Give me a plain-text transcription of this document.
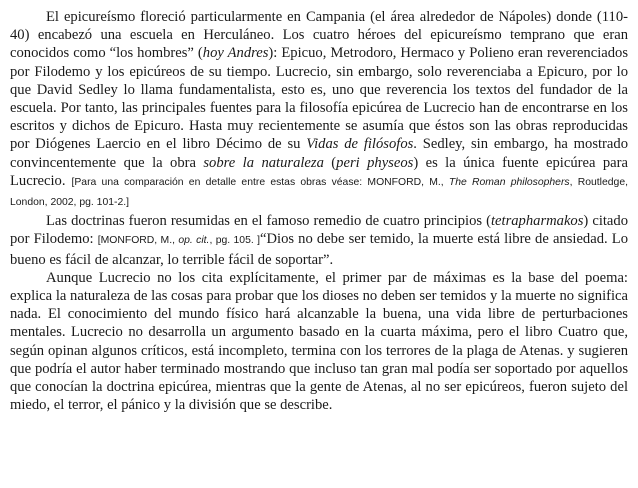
El epicureísmo floreció particularmente en Campania (el área alrededor de Nápoles) donde (110-40) encabezó una escuela en Herculáneo. Los cuatro héroes del epicureísmo temprano que eran conocidos como “los hombres” (hoy Andres): Epicuo, Metrodoro, Hermaco y Polieno eran reverenciados por Filodemo y los epicúreos de su tiempo. Lucrecio, sin embargo, solo reverenciaba a Epicuro, por lo que David Sedley lo llama fundamentalista, esto es, uno que reverencia los textos del fundador de la escuela. Por tanto, las principales fuentes para la filosofía epicúrea de Lucrecio han de encontrarse en los escritos y dichos de Epicuro. Hasta muy recientemente se asumía que éstos son las obras reproducidas por Diógenes Laercio en el libro Décimo de su Vidas de filósofos. Sedley, sin embargo, ha mostrado convincentemente que la obra sobre la naturaleza (peri physeos) es la única fuente epicúrea para Lucrecio. [Para una comparación en detalle entre estas obras véase: MONFORD, M., The Roman philosophers, Routledge, London, 2002, pg. 101-2.]

Las doctrinas fueron resumidas en el famoso remedio de cuatro principios (tetrapharmakos) citado por Filodemo: [MONFORD, M., op. cit., pg. 105. ]“Dios no debe ser temido, la muerte está libre de ansiedad. Lo bueno es fácil de alcanzar, lo terrible fácil de soportar”.

Aunque Lucrecio no los cita explícitamente, el primer par de máximas es la base del poema: explica la naturaleza de las cosas para probar que los dioses no deben ser temidos y la muerte no significa nada. El conocimiento del mundo físico hará alcanzable la buena, una vida libre de perturbaciones mentales. Lucrecio no desarrolla un argumento basado en la cuarta máxima, pero el libro Cuatro que, según opinan algunos críticos, está incompleto, termina con los terrores de la plaga de Atenas. y sugieren que podría el autor haber terminado mostrando que incluso tan gran mal podía ser soportado por aquellos que conocían la doctrina epicúrea, mientras que la gente de Atenas, al no ser epicúreos, fueron sujeto del miedo, el terror, el pánico y la división que se describe.
